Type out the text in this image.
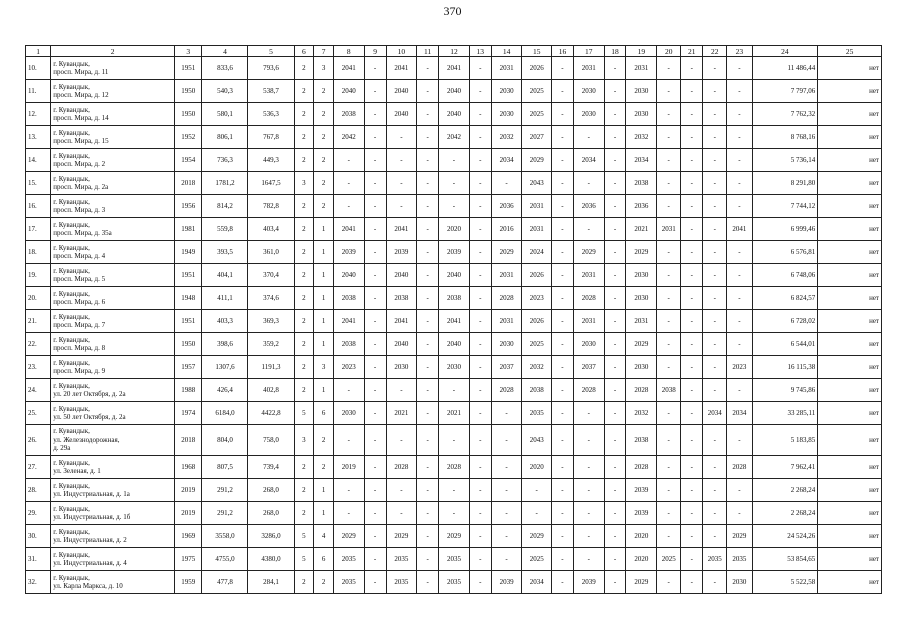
370
1	2	3	4	5	6	7	8	9	10	11	12	13	14	15	16	17	18	19	20	21	22	23	24	25
10.	г. Кувандык,
просп. Мира, д. 11	1951	833,6	793,6	2	3	2041	-	2041	-	2041	-	2031	2026	-	2031	-	2031	-	-	-	-	11 486,44	нет
11.	г. Кувандык,
просп. Мира, д. 12	1950	540,3	538,7	2	2	2040	-	2040	-	2040	-	2030	2025	-	2030	-	2030	-	-	-	-	7 797,06	нет
12.	г. Кувандык,
просп. Мира, д. 14	1950	580,1	536,3	2	2	2038	-	2040	-	2040	-	2030	2025	-	2030	-	2030	-	-	-	-	7 762,32	нет
13.	г. Кувандык,
просп. Мира, д. 15	1952	806,1	767,8	2	2	2042	-	-	-	2042	-	2032	2027	-	-	-	2032	-	-	-	-	8 768,16	нет
14.	г. Кувандык,
просп. Мира, д. 2	1954	736,3	449,3	2	2	-	-	-	-	-	-	2034	2029	-	2034	-	2034	-	-	-	-	5 736,14	нет
15.	г. Кувандык,
просп. Мира, д. 2а	2018	1781,2	1647,5	3	2	-	-	-	-	-	-	-	2043	-	-	-	2038	-	-	-	-	8 291,80	нет
16.	г. Кувандык,
просп. Мира, д. 3	1956	814,2	782,8	2	2	-	-	-	-	-	-	2036	2031	-	2036	-	2036	-	-	-	-	7 744,12	нет
17.	г. Кувандык,
просп. Мира, д. 35а	1981	559,8	403,4	2	1	2041	-	2041	-	2020	-	2016	2031	-	-	-	2021	2031	-	-	2041	6 999,46	нет
18.	г. Кувандык,
просп. Мира, д. 4	1949	393,5	361,0	2	1	2039	-	2039	-	2039	-	2029	2024	-	2029	-	2029	-	-	-	-	6 576,81	нет
19.	г. Кувандык,
просп. Мира, д. 5	1951	404,1	370,4	2	1	2040	-	2040	-	2040	-	2031	2026	-	2031	-	2030	-	-	-	-	6 748,06	нет
20.	г. Кувандык,
просп. Мира, д. 6	1948	411,1	374,6	2	1	2038	-	2038	-	2038	-	2028	2023	-	2028	-	2030	-	-	-	-	6 824,57	нет
21.	г. Кувандык,
просп. Мира, д. 7	1951	403,3	369,3	2	1	2041	-	2041	-	2041	-	2031	2026	-	2031	-	2031	-	-	-	-	6 728,02	нет
22.	г. Кувандык,
просп. Мира, д. 8	1950	398,6	359,2	2	1	2038	-	2040	-	2040	-	2030	2025	-	2030	-	2029	-	-	-	-	6 544,01	нет
23.	г. Кувандык,
просп. Мира, д. 9	1957	1307,6	1191,3	2	3	2023	-	2030	-	2030	-	2037	2032	-	2037	-	2030	-	-	-	2023	16 115,38	нет
24.	г. Кувандык,
ул. 20 лет Октября, д. 2а	1988	426,4	402,8	2	1	-	-	-	-	-	-	2028	2038	-	2028	-	2028	2038	-	-	-	9 745,86	нет
25.	г. Кувандык,
ул. 50 лет Октября, д. 2а	1974	6184,0	4422,8	5	6	2030	-	2021	-	2021	-	-	2035	-	-	-	2032	-	-	2034	2034	33 285,11	нет
26.	г. Кувандык,
ул. Железнодорожная,
д. 29а	2018	804,0	758,0	3	2	-	-	-	-	-	-	-	2043	-	-	-	2038	-	-	-	-	5 183,85	нет
27.	г. Кувандык,
ул. Зеленая, д. 1	1968	807,5	739,4	2	2	2019	-	2028	-	2028	-	-	2020	-	-	-	2028	-	-	-	2028	7 962,41	нет
28.	г. Кувандык,
ул. Индустриальная, д. 1а	2019	291,2	268,0	2	1	-	-	-	-	-	-	-	-	-	-	-	2039	-	-	-	-	2 268,24	нет
29.	г. Кувандык,
ул. Индустриальная, д. 1б	2019	291,2	268,0	2	1	-	-	-	-	-	-	-	-	-	-	-	2039	-	-	-	-	2 268,24	нет
30.	г. Кувандык,
ул. Индустриальная, д. 2	1969	3558,0	3286,0	5	4	2029	-	2029	-	2029	-	-	2029	-	-	-	2020	-	-	-	2029	24 524,26	нет
31.	г. Кувандык,
ул. Индустриальная, д. 4	1975	4755,0	4380,0	5	6	2035	-	2035	-	2035	-	-	2025	-	-	-	2020	2025	-	2035	2035	53 854,65	нет
32.	г. Кувандык,
ул. Карла Маркса, д. 10	1959	477,8	284,1	2	2	2035	-	2035	-	2035	-	2039	2034	-	2039	-	2029	-	-	-	2030	5 522,58	нет
